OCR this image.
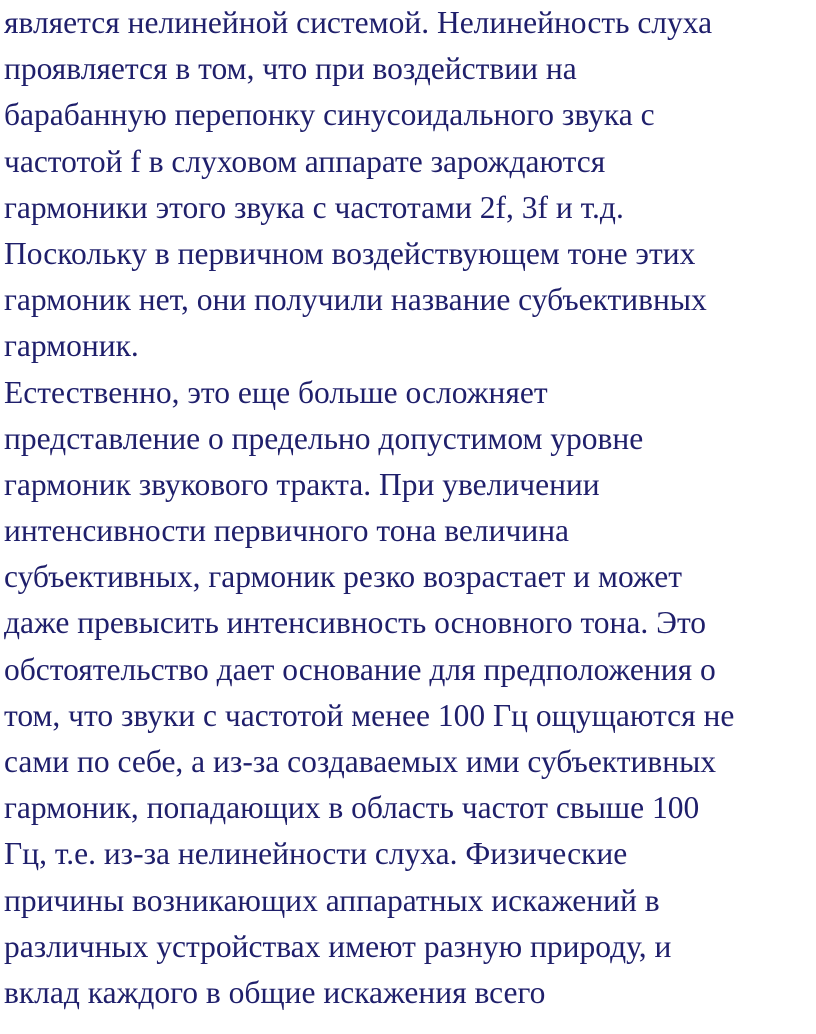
является нелинейной системой. Нелинейность слуха
проявляется в том, что при воздействии на
барабанную перепонку синусоидального звука с
частотой f в слуховом аппарате зарождаются
гармоники этого звука с частотами 2f, 3f и т.д.
Поскольку в первичном воздействующем тоне этих
гармоник нет, они получили название субъективных
гармоник.
Естественно, это еще больше осложняет
представление о предельно допустимом уровне
гармоник звукового тракта. При увеличении
интенсивности первичного тона величина
субъективных, гармоник резко возрастает и может
даже превысить интенсивность основного тона. Это
обстоятельство дает основание для предположения о
том, что звуки с частотой менее 100 Гц ощущаются не
сами по себе, а из-за создаваемых ими субъективных
гармоник, попадающих в область частот свыше 100
Гц, т.е. из-за нелинейности слуха. Физические
причины возникающих аппаратных искажений в
различных устройствах имеют разную природу, и
вклад каждого в общие искажения всего
